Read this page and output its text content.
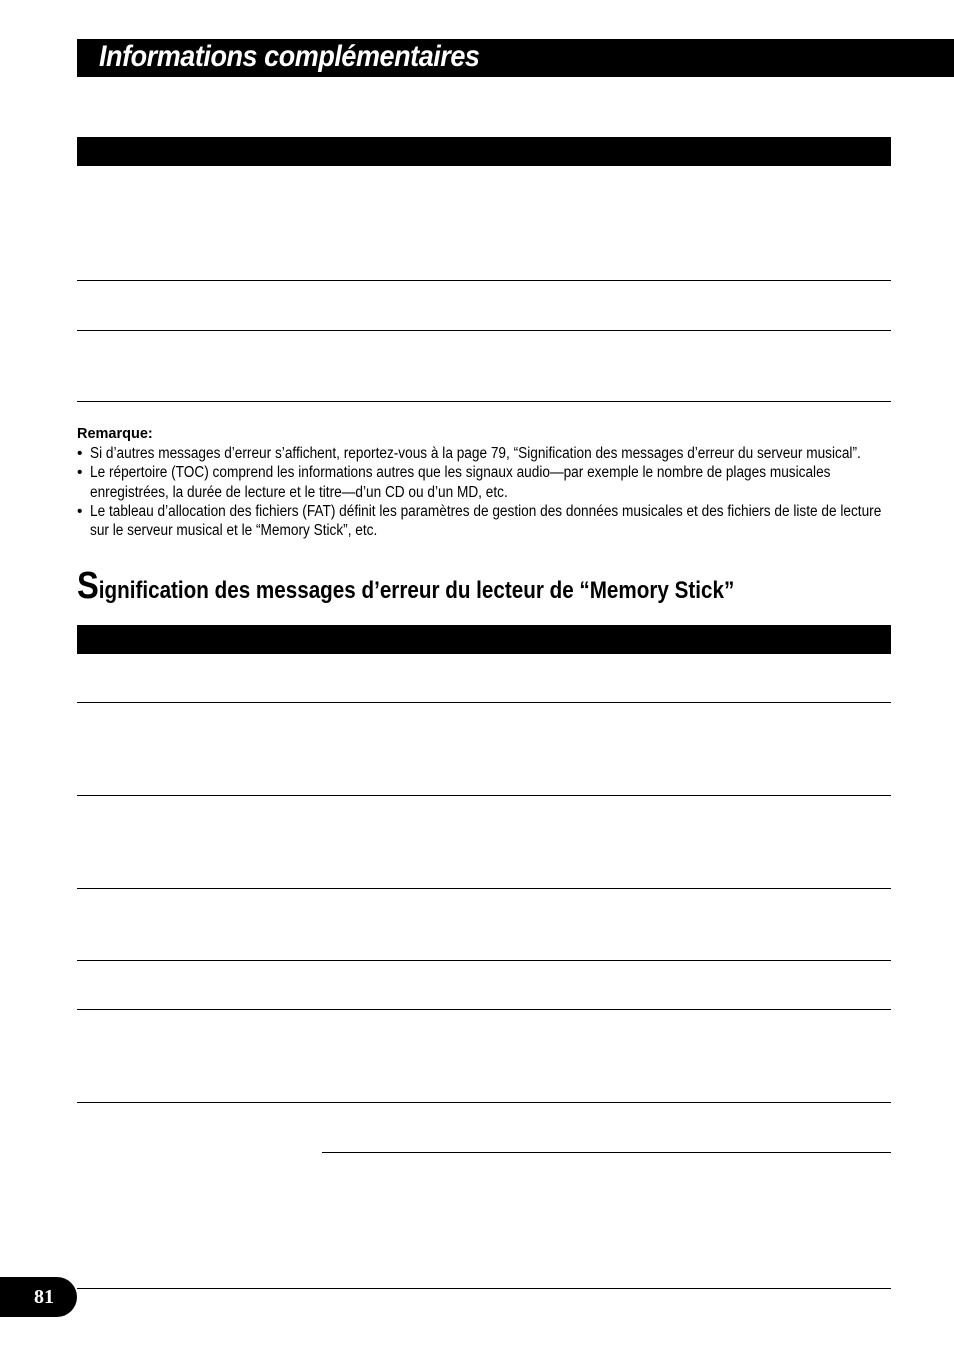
Informations complémentaires
Remarque:
• Si d’autres messages d’erreur s’affichent, reportez-vous à la page 79, “Signification des messages d’erreur du serveur musical”.
• Le répertoire (TOC) comprend les informations autres que les signaux audio—par exemple le nombre de plages musicales enregistrées, la durée de lecture et le titre—d’un CD ou d’un MD, etc.
• Le tableau d’allocation des fichiers (FAT) définit les paramètres de gestion des données musicales et des fichiers de liste de lecture sur le serveur musical et le “Memory Stick”, etc.
Signification des messages d’erreur du lecteur de “Memory Stick”
81
